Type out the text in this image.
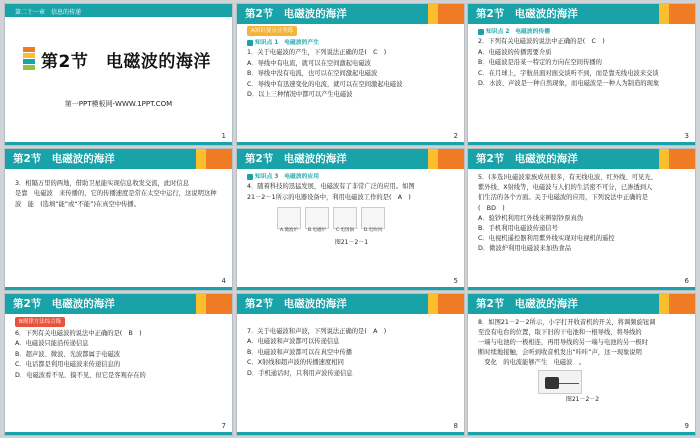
第二十一章　信息的传递
第2节　电磁波的海洋
第一PPT模板网-WWW.1PPT.COM
1
第2节　电磁波的海洋
A知识要点分类练
知识点 1　电磁波的产生

1．关于电磁波的产生，下列说法正确的是(　C　)

A．导线中有电流，就可以在空间激起电磁波

B．导线中没有电流，也可以在空间激起电磁波

C．导线中有迅速变化的电流，就可以在空间激起电磁波

D．以上三种情况中都可以产生电磁波

2
第2节　电磁波的海洋
知识点 2　电磁波的传播

2．下列有关电磁波的说法中正确的是(　C　)

A．电磁波的传播需要介质

B．电磁波是沿某一特定的方向在空间传播的

C．在月球上，宇航员面对面交谈听不到，而是靠无线电波来交谈

D．水波、声波是一种自然现象，而电磁波是一种人为制造的现象

3
第2节　电磁波的海洋

3．相隔万里的两地，借助卫星能实现信息收发交流，此时信息

是靠　电磁波　来传播的，它的传播速度是常在太空中运行，这说明这种

波　能　(选填“能”或“不能”)在真空中传播。

4
第2节　电磁波的海洋
知识点 3　电磁波的应用

4．随着科技的迅猛发展，电磁波有了非常广泛的应用。如图

21－2－1所示的电器设备中，利用电磁波工作的是(　A　)

A.微波炉	B.电磁炉	C.电饭锅	D.电吹风
图21－2－1
5
第2节　电磁波的海洋

5．(多选)电磁波家族成员很多，有无线电波、红外线、可见光、

紫外线、X射线等，电磁波与人们的生活密不可分，已渗透到人

们生活的各个方面。关于电磁波的应用，下列说法中正确的是

(　BD　)

A．验钞机利用红外线来辨别钞票真伪

B．手机利用电磁波传递信号

C．电视机遥控器利用紫外线实现对电视机的遥控

D．微波炉利用电磁波来加热食品

6
第2节　电磁波的海洋
B规律方法综合练

6．下列有关电磁波的说法中正确的是(　B　)

A．电磁波只能沿传递信息

B．超声波、微波、光波都属于电磁波

C．电话都是利用电磁波来传递信息的

D．电磁波看不见、摸不见，但它是客观存在的

7
第2节　电磁波的海洋

7．关于电磁波和声波，下列说法正确的是(　A　)

A．电磁波和声波都可以传递信息

B．电磁波和声波都可以在真空中传播

C．X射线和超声波的传播速度相同

D．手机通话时，只利用声波传递信息

8
第2节　电磁波的海洋

8．如图21－2－2所示，小宇打开收音机的开关，将调频旋钮调

至没有电台的位置，取下旧的干电池和一根导线，将导线的

一端与电池的一极相连，再用导线的另一端与电池的另一极时

断时续地接触，会听到收音机发出“咔咔”声，这一现象说明

　变化　的电流能够产生　电磁波　。

图21－2－2
9
